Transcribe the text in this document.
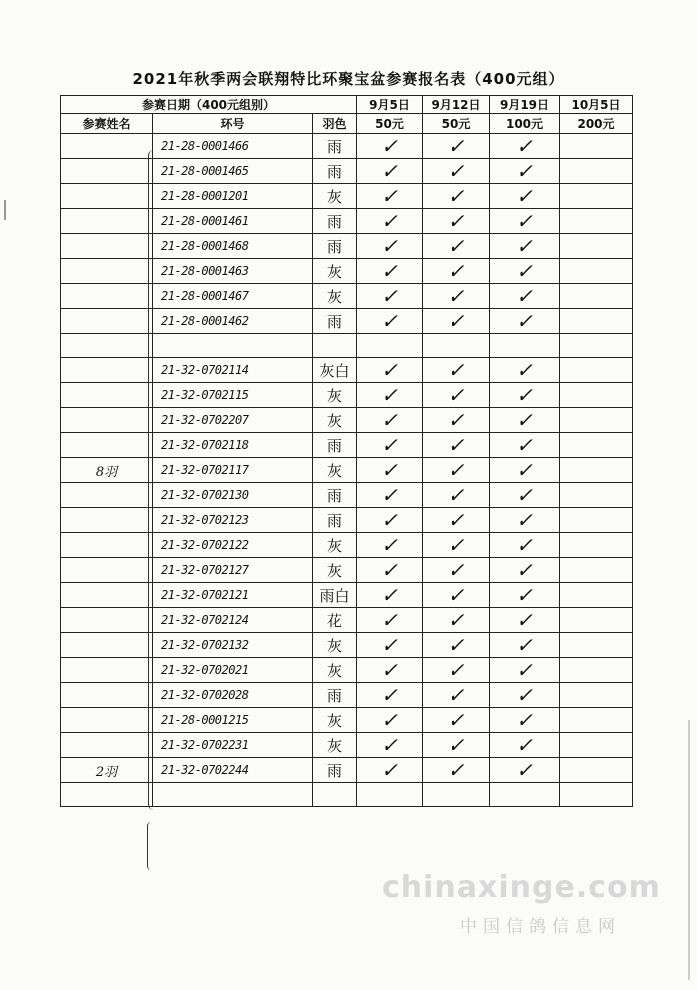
2021年秋季两会联翔特比环聚宝盆参赛报名表（400元组）
参赛日期（400元组别）			9月5日	9月12日	9月19日	10月5日
参赛姓名	环号	羽色	50元	50元	100元	200元
	21-28-0001466	雨	✓	✓	✓	
	21-28-0001465	雨	✓	✓	✓	
	21-28-0001201	灰	✓	✓	✓	
	21-28-0001461	雨	✓	✓	✓	
	21-28-0001468	雨	✓	✓	✓	
	21-28-0001463	灰	✓	✓	✓	
	21-28-0001467	灰	✓	✓	✓	
	21-28-0001462	雨	✓	✓	✓	

	21-32-0702114	灰白	✓	✓	✓	
	21-32-0702115	灰	✓	✓	✓	
	21-32-0702207	灰	✓	✓	✓	
	21-32-0702118	雨	✓	✓	✓	
8羽	21-32-0702117	灰	✓	✓	✓	
	21-32-0702130	雨	✓	✓	✓	
	21-32-0702123	雨	✓	✓	✓	
	21-32-0702122	灰	✓	✓	✓	
	21-32-0702127	灰	✓	✓	✓	
	21-32-0702121	雨白	✓	✓	✓	
	21-32-0702124	花	✓	✓	✓	
	21-32-0702132	灰	✓	✓	✓	
	21-32-0702021	灰	✓	✓	✓	
	21-32-0702028	雨	✓	✓	✓	
	21-28-0001215	灰	✓	✓	✓	
	21-32-0702231	灰	✓	✓	✓	
2羽	21-32-0702244	雨	✓	✓	✓	

chinaxinge.com
中国信鸽信息网
